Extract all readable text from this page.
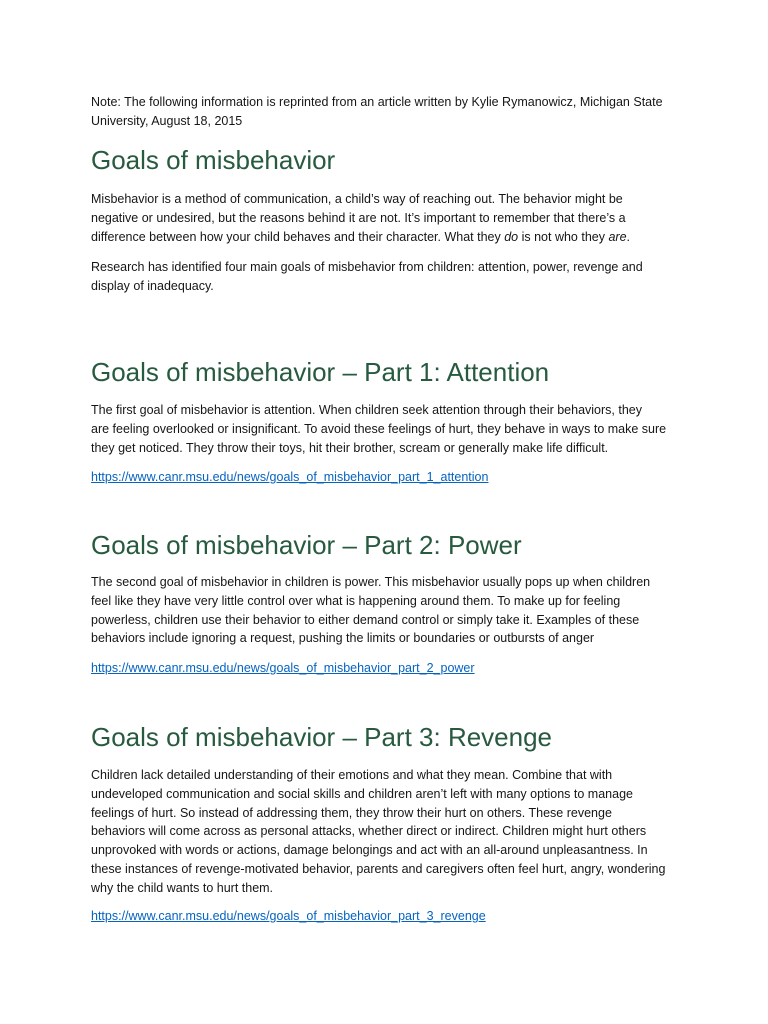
Note: The following information is reprinted from an article written by Kylie Rymanowicz, Michigan State
University, August 18, 2015

Goals of misbehavior

Misbehavior is a method of communication, a child’s way of reaching out. The behavior might be
negative or undesired, but the reasons behind it are not. It’s important to remember that there’s a
difference between how your child behaves and their character. What they do is not who they are.

Research has identified four main goals of misbehavior from children: attention, power, revenge and
display of inadequacy.

Goals of misbehavior – Part 1: Attention

The first goal of misbehavior is attention. When children seek attention through their behaviors, they
are feeling overlooked or insignificant. To avoid these feelings of hurt, they behave in ways to make sure
they get noticed. They throw their toys, hit their brother, scream or generally make life difficult.

https://www.canr.msu.edu/news/goals_of_misbehavior_part_1_attention
Goals of misbehavior – Part 2: Power

The second goal of misbehavior in children is power. This misbehavior usually pops up when children
feel like they have very little control over what is happening around them. To make up for feeling
powerless, children use their behavior to either demand control or simply take it. Examples of these
behaviors include ignoring a request, pushing the limits or boundaries or outbursts of anger

https://www.canr.msu.edu/news/goals_of_misbehavior_part_2_power
Goals of misbehavior – Part 3: Revenge

Children lack detailed understanding of their emotions and what they mean. Combine that with
undeveloped communication and social skills and children aren’t left with many options to manage
feelings of hurt. So instead of addressing them, they throw their hurt on others. These revenge
behaviors will come across as personal attacks, whether direct or indirect. Children might hurt others
unprovoked with words or actions, damage belongings and act with an all-around unpleasantness. In
these instances of revenge-motivated behavior, parents and caregivers often feel hurt, angry, wondering
why the child wants to hurt them.

https://www.canr.msu.edu/news/goals_of_misbehavior_part_3_revenge
